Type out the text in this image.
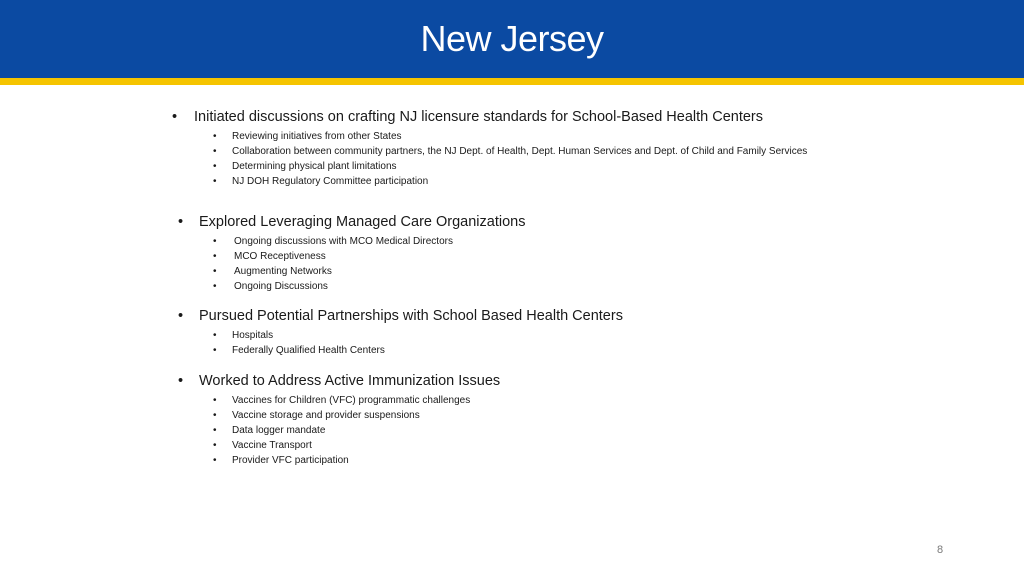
New Jersey
• Initiated discussions on crafting NJ licensure standards for School-Based Health Centers
• Reviewing initiatives from other States
• Collaboration between community partners, the NJ Dept. of Health, Dept. Human Services and Dept. of Child and Family Services
• Determining physical plant limitations
• NJ DOH Regulatory Committee participation
• Explored Leveraging Managed Care Organizations
• Ongoing discussions with MCO Medical Directors
• MCO Receptiveness
• Augmenting Networks
• Ongoing Discussions
• Pursued Potential Partnerships with School Based Health Centers
• Hospitals
• Federally Qualified Health Centers
• Worked to Address Active Immunization Issues
• Vaccines for Children (VFC) programmatic challenges
• Vaccine storage and provider suspensions
• Data logger mandate
• Vaccine Transport
• Provider VFC participation
8
